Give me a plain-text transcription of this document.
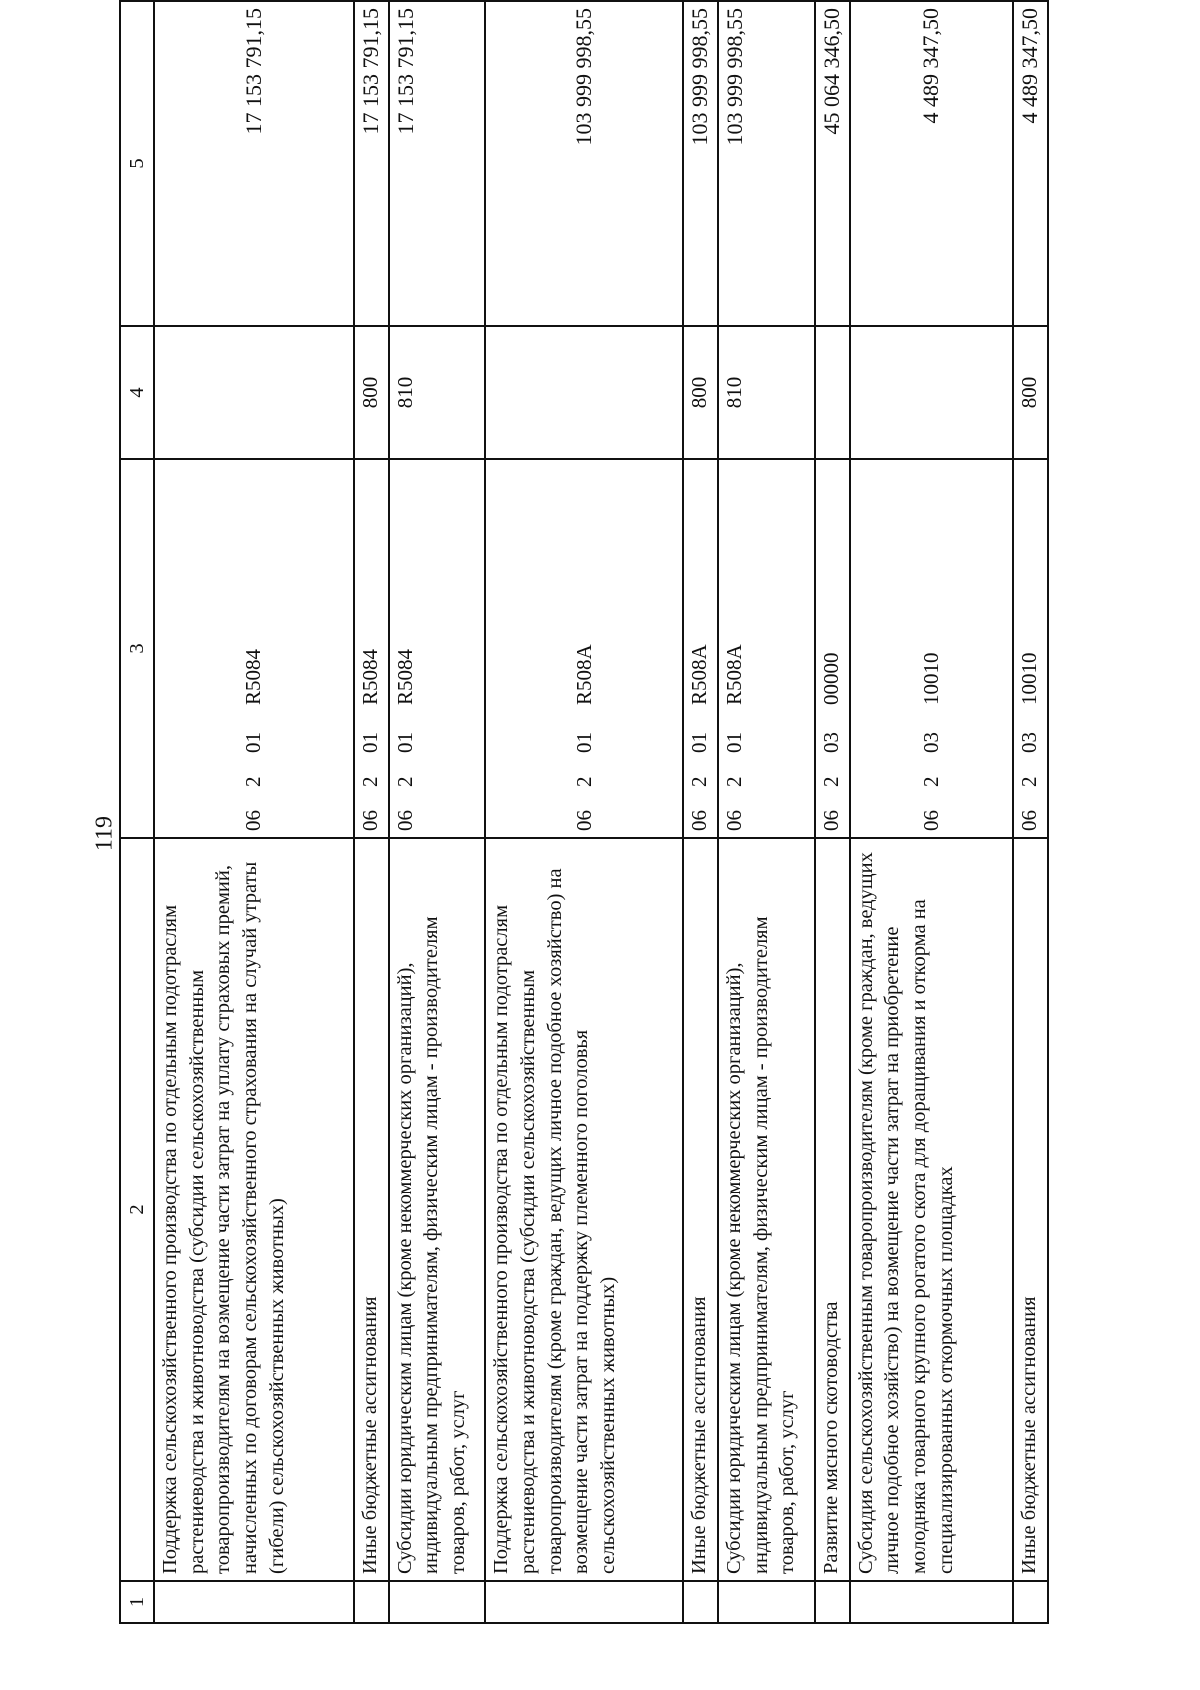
119
1	2	3	4	5
	Поддержка сельскохозяйственного производства по отдельным подотраслям растениеводства и животноводства (субсидии сельскохозяйственным товаропроизводителям на возмещение части затрат на уплату страховых премий, начисленных по договорам сельскохозяйственного страхования на случай утраты (гибели) сельскохозяйственных животных)	06201R5084		17 153 791,15
	Иные бюджетные ассигнования	06201R5084	800	17 153 791,15
	Субсидии юридическим лицам (кроме некоммерческих организаций), индивидуальным предпринимателям, физическим лицам - производителям товаров, работ, услуг	06201R5084	810	17 153 791,15
	Поддержка сельскохозяйственного производства по отдельным подотраслям растениеводства и животноводства (субсидии сельскохозяйственным товаропроизводителям (кроме граждан, ведущих личное подобное хозяйство) на возмещение части затрат на поддержку племенного поголовья сельскохозяйственных животных)	06201R508A		103 999 998,55
	Иные бюджетные ассигнования	06201R508A	800	103 999 998,55
	Субсидии юридическим лицам (кроме некоммерческих организаций), индивидуальным предпринимателям, физическим лицам - производителям товаров, работ, услуг	06201R508A	810	103 999 998,55
	Развитие мясного скотоводства	0620300000		45 064 346,50
	Субсидия сельскохозяйственным товаропроизводителям (кроме граждан, ведущих личное подобное хозяйство) на возмещение части затрат на приобретение молодняка товарного крупного рогатого скота для доращивания и откорма на специализированных откормочных площадках	0620310010		4 489 347,50
	Иные бюджетные ассигнования	0620310010	800	4 489 347,50
